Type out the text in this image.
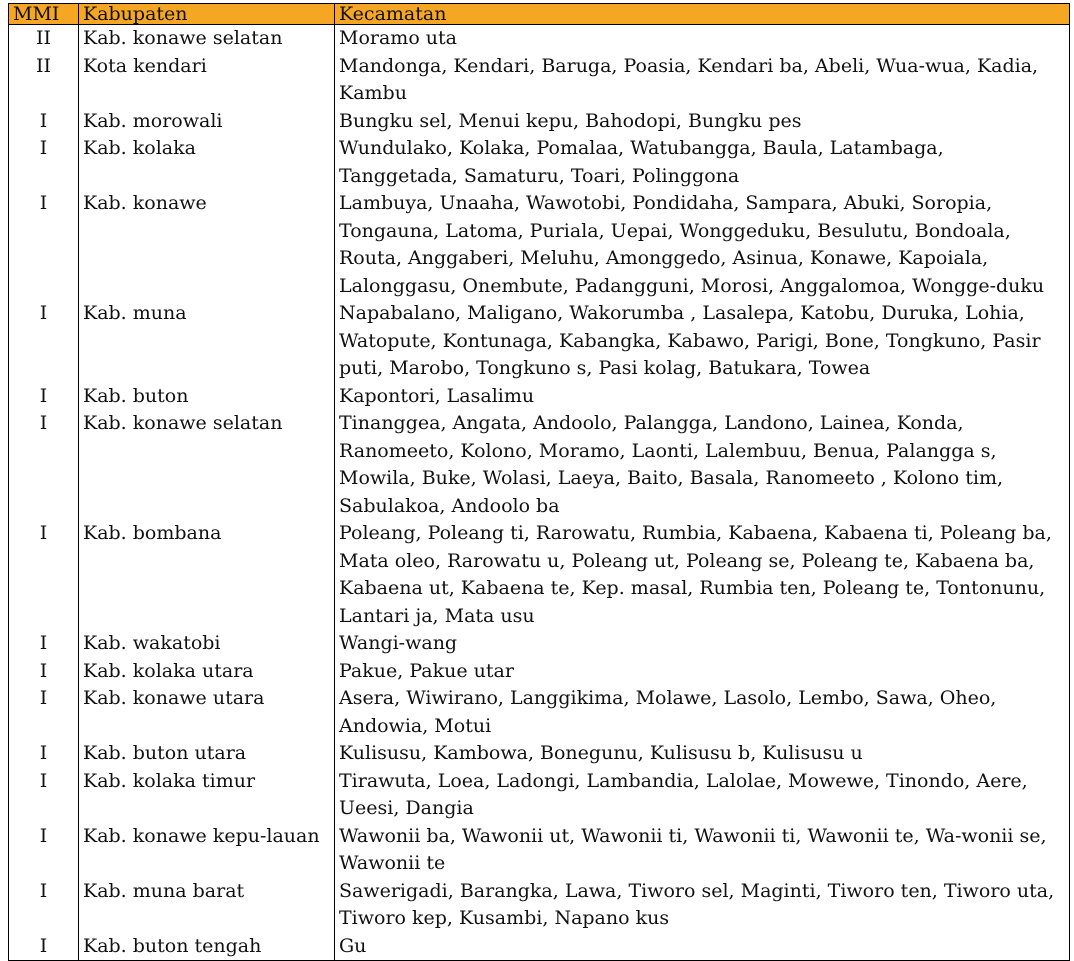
MMI	Kabupaten	Kecamatan
II	Kab. konawe selatan	Moramo uta
II	Kota kendari	Mandonga, Kendari, Baruga, Poasia, Kendari ba, Abeli, Wua-wua, Kadia, Kambu
I	Kab. morowali	Bungku sel, Menui kepu, Bahodopi, Bungku pes
I	Kab. kolaka	Wundulako, Kolaka, Pomalaa, Watubangga, Baula, Latambaga, Tanggetada, Samaturu, Toari, Polinggona
I	Kab. konawe	Lambuya, Unaaha, Wawotobi, Pondidaha, Sampara, Abuki, Soropia, Tongauna, Latoma, Puriala, Uepai, Wonggeduku, Besulutu, Bondoala, Routa, Anggaberi, Meluhu, Amonggedo, Asinua, Konawe, Kapoiala, Lalonggasu, Onembute, Padangguni, Morosi, Anggalomoa, Wongge-duku
I	Kab. muna	Napabalano, Maligano, Wakorumba , Lasalepa, Katobu, Duruka, Lohia, Watopute, Kontunaga, Kabangka, Kabawo, Parigi, Bone, Tongkuno, Pasir puti, Marobo, Tongkuno s, Pasi kolag, Batukara, Towea
I	Kab. buton	Kapontori, Lasalimu
I	Kab. konawe selatan	Tinanggea, Angata, Andoolo, Palangga, Landono, Lainea, Konda, Ranomeeto, Kolono, Moramo, Laonti, Lalembuu, Benua, Palangga s, Mowila, Buke, Wolasi, Laeya, Baito, Basala, Ranomeeto , Kolono tim, Sabulakoa, Andoolo ba
I	Kab. bombana	Poleang, Poleang ti, Rarowatu, Rumbia, Kabaena, Kabaena ti, Poleang ba, Mata oleo, Rarowatu u, Poleang ut, Poleang se, Poleang te, Kabaena ba, Kabaena ut, Kabaena te, Kep. masal, Rumbia ten, Poleang te, Tontonunu, Lantari ja, Mata usu
I	Kab. wakatobi	Wangi-wang
I	Kab. kolaka utara	Pakue, Pakue utar
I	Kab. konawe utara	Asera, Wiwirano, Langgikima, Molawe, Lasolo, Lembo, Sawa, Oheo, Andowia, Motui
I	Kab. buton utara	Kulisusu, Kambowa, Bonegunu, Kulisusu b, Kulisusu u
I	Kab. kolaka timur	Tirawuta, Loea, Ladongi, Lambandia, Lalolae, Mowewe, Tinondo, Aere, Ueesi, Dangia
I	Kab. konawe kepu-lauan	Wawonii ba, Wawonii ut, Wawonii ti, Wawonii ti, Wawonii te, Wa-wonii se, Wawonii te
I	Kab. muna barat	Sawerigadi, Barangka, Lawa, Tiworo sel, Maginti, Tiworo ten, Tiworo uta, Tiworo kep, Kusambi, Napano kus
I	Kab. buton tengah	Gu
